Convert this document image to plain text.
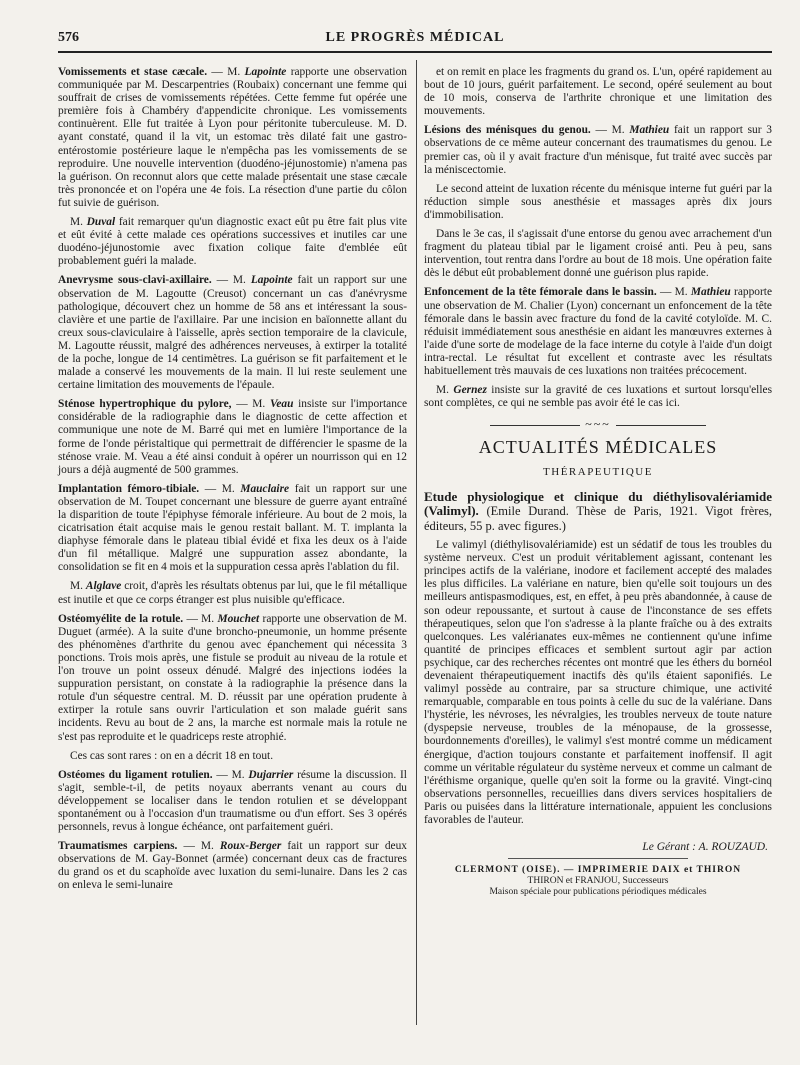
576	LE PROGRÈS MÉDICAL

Vomissements et stase cæcale. — M. Lapointe rapporte une observation communiquée par M. Descarpentries (Roubaix) concernant une femme qui souffrait de crises de vomissements répétées. Cette femme fut opérée une première fois à Chambéry d'appendicite chronique. Les vomissements continuèrent. Elle fut traitée à Lyon pour péritonite tuberculeuse. M. D. ayant constaté, quand il la vit, un estomac très dilaté fait une gastro-entérostomie postérieure laque le n'empêcha pas les vomissements de se reproduire. Une nouvelle intervention (duodéno-jéjunostomie) n'amena pas la guérison. On reconnut alors que cette malade présentait une stase cæcale très prononcée et on l'opéra une 4e fois. La résection d'une partie du côlon fut suivie de guérison.

M. Duval fait remarquer qu'un diagnostic exact eût pu être fait plus vite et eût évité à cette malade ces opérations successives et inutiles car une duodéno-jéjunostomie avec fixation colique faite d'emblée eût probablement guéri la malade.

Anevrysme sous-clavi-axillaire. — M. Lapointe fait un rapport sur une observation de M. Lagoutte (Creusot) concernant un cas d'anévrysme pathologique, découvert chez un homme de 58 ans et intéressant la sous-clavière et une partie de l'axillaire. Par une incision en baïonnette allant du creux sous-claviculaire à l'aisselle, après section temporaire de la clavicule, M. Lagoutte réussit, malgré des adhérences nerveuses, à extirper la totalité de la poche, longue de 14 centimètres. La guérison se fit parfaitement et le malade a conservé les mouvements de la main. Il lui reste seulement une certaine limitation des mouvements de l'épaule.

Sténose hypertrophique du pylore, — M. Veau insiste sur l'importance considérable de la radiographie dans le diagnostic de cette affection et communique une note de M. Barré qui met en lumière l'importance de la forme de l'onde péristaltique qui permettrait de différencier le spasme de la sténose vraie. M. Veau a été ainsi conduit à opérer un nourrisson qui en 12 jours a déjà augmenté de 500 grammes.

Implantation fémoro-tibiale. — M. Mauclaire fait un rapport sur une observation de M. Toupet concernant une blessure de guerre ayant entraîné la disparition de toute l'épiphyse fémorale inférieure. Au bout de 2 mois, la cicatrisation était acquise mais le genou restait ballant. M. T. implanta la diaphyse fémorale dans le plateau tibial évidé et fixa les deux os à l'aide d'un fil métallique. Malgré une suppuration assez abondante, la consolidation se fit en 4 mois et la suppuration cessa après l'ablation du fil.

M. Alglave croit, d'après les résultats obtenus par lui, que le fil métallique est inutile et que ce corps étranger est plus nuisible qu'efficace.

Ostéomyélite de la rotule. — M. Mouchet rapporte une observation de M. Duguet (armée). A la suite d'une broncho-pneumonie, un homme présente des phénomènes d'arthrite du genou avec épanchement qui nécessita 3 ponctions. Trois mois après, une fistule se produit au niveau de la rotule et l'on trouve un point osseux dénudé. Malgré des injections iodées la suppuration persistant, on constate à la radiographie la présence dans la rotule d'un séquestre central. M. D. réussit par une opération prudente à extirper la rotule sans ouvrir l'articulation et son malade guérit sans incidents. Revu au bout de 2 ans, la marche est normale mais la rotule ne s'est pas reproduite et le quadriceps reste atrophié.

Ces cas sont rares : on en a décrit 18 en tout.

Ostéomes du ligament rotulien. — M. Dujarrier résume la discussion. Il s'agit, semble-t-il, de petits noyaux aberrants venant au cours du développement se localiser dans le tendon rotulien et se développant spontanément ou à l'occasion d'un traumatisme ou d'un effort. Ses 3 opérés personnels, revus à longue échéance, ont parfaitement guéri.

Traumatismes carpiens. — M. Roux-Berger fait un rapport sur deux observations de M. Gay-Bonnet (armée) concernant deux cas de fractures du grand os et du scaphoïde avec luxation du semi-lunaire. Dans les 2 cas on enleva le semi-lunaire

et on remit en place les fragments du grand os. L'un, opéré rapidement au bout de 10 jours, guérit parfaitement. Le second, opéré seulement au bout de 10 mois, conserva de l'arthrite chronique et une limitation des mouvements.

Lésions des ménisques du genou. — M. Mathieu fait un rapport sur 3 observations de ce même auteur concernant des traumatismes du genou. Le premier cas, où il y avait fracture d'un ménisque, fut traité avec succès par la méniscectomie.

Le second atteint de luxation récente du ménisque interne fut guéri par la réduction simple sous anesthésie et massages après dix jours d'immobilisation.

Dans le 3e cas, il s'agissait d'une entorse du genou avec arrachement d'un fragment du plateau tibial par le ligament croisé anti. Peu à peu, sans intervention, tout rentra dans l'ordre au bout de 18 mois. Une opération faite dès le début eût probablement donné une guérison plus rapide.

Enfoncement de la tête fémorale dans le bassin. — M. Mathieu rapporte une observation de M. Chalier (Lyon) concernant un enfoncement de la tête fémorale dans le bassin avec fracture du fond de la cavité cotyloïde. M. C. réduisit immédiatement sous anesthésie en aidant les manœuvres externes à l'aide d'une sorte de modelage de la face interne du cotyle à l'aide d'un doigt intra-rectal. Le résultat fut excellent et contraste avec les résultats habituellement très mauvais de ces luxations non traitées précocement.

M. Gernez insiste sur la gravité de ces luxations et surtout lorsqu'elles sont complètes, ce qui ne semble pas avoir été le cas ici.

~~~
ACTUALITÉS MÉDICALES
THÉRAPEUTIQUE

Etude physiologique et clinique du diéthylisovalériamide (Valimyl). (Emile Durand. Thèse de Paris, 1921. Vigot frères, éditeurs, 55 p. avec figures.)

Le valimyl (diéthylisovalériamide) est un sédatif de tous les troubles du système nerveux. C'est un produit véritablement agissant, contenant les principes actifs de la valériane, inodore et facilement accepté des malades les plus difficiles. La valériane en nature, bien qu'elle soit toujours un des meilleurs antispasmodiques, est, en effet, à peu près abandonnée, à cause de son odeur repoussante, et surtout à cause de l'inconstance de ses effets thérapeutiques, selon que l'on s'adresse à la plante fraîche ou à des extraits quelconques. Les valérianates eux-mêmes ne contiennent qu'une infime quantité de principes efficaces et semblent surtout agir par action psychique, car des recherches récentes ont montré que les éthers du bornéol devenaient thérapeutiquement inactifs dès qu'ils étaient saponifiés. Le valimyl possède au contraire, par sa structure chimique, une activité remarquable, comparable en tous points à celle du suc de la valériane. Dans l'hystérie, les névroses, les névralgies, les troubles nerveux de toute nature (dyspepsie nerveuse, troubles de la ménopause, de la grossesse, bourdonnements d'oreilles), le valimyl s'est montré comme un médicament énergique, d'action toujours constante et parfaitement inoffensif. Il agit comme un véritable régulateur du système nerveux et comme un calmant de l'éréthisme organique, quelle qu'en soit la forme ou la gravité. Vingt-cinq observations personnelles, recueillies dans divers services hospitaliers de Paris ou puisées dans la littérature internationale, appuient les conclusions favorables de l'auteur.

Le Gérant : A. ROUZAUD.
CLERMONT (OISE). — IMPRIMERIE DAIX et THIRON
THIRON et FRANJOU, Successeurs
Maison spéciale pour publications périodiques médicales
